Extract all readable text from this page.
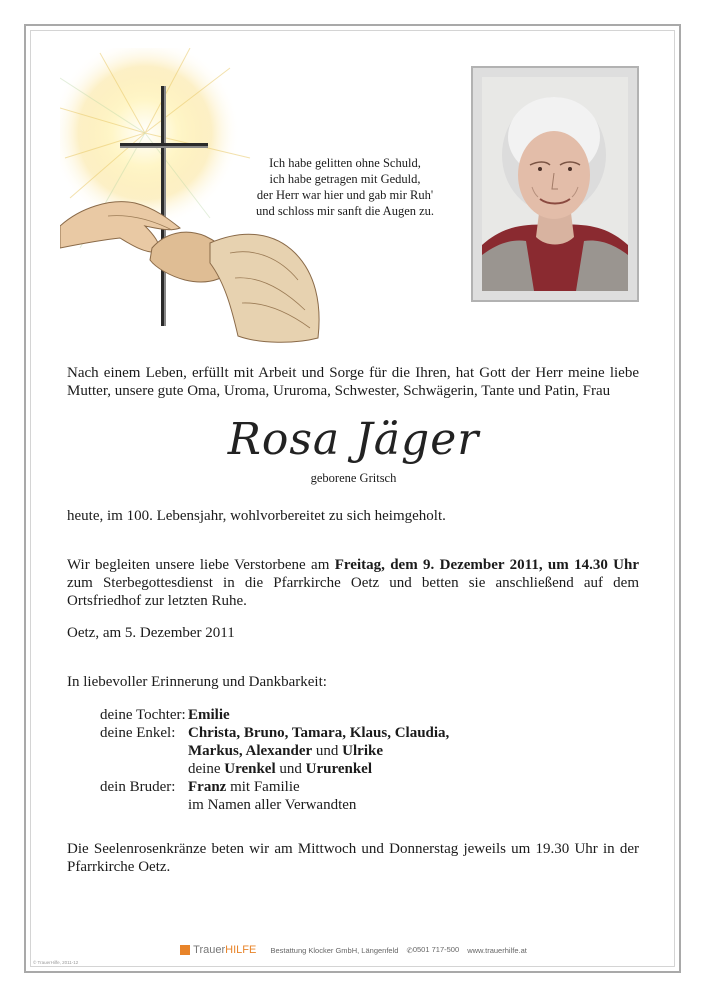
Ich habe gelitten ohne Schuld,
ich habe getragen mit Geduld,
der Herr war hier und gab mir Ruh'
und schloss mir sanft die Augen zu.

Nach einem Leben, erfüllt mit Arbeit und Sorge für die Ihren, hat Gott der Herr meine liebe Mutter, unsere gute Oma, Uroma, Ururoma, Schwester, Schwägerin, Tante und Patin, Frau

Rosa Jäger
geborene Gritsch

heute, im 100. Lebensjahr, wohlvorbereitet zu sich heimgeholt.

Wir begleiten unsere liebe Verstorbene am Freitag, dem 9. Dezember 2011, um 14.30 Uhr zum Sterbegottesdienst in die Pfarrkirche Oetz und betten sie anschließend auf dem Ortsfriedhof zur letzten Ruhe.

Oetz, am 5. Dezember 2011

In liebevoller Erinnerung und Dankbarkeit:

deine Tochter: Emilie
deine Enkel: Christa, Bruno, Tamara, Klaus, Claudia,
Markus, Alexander und Ulrike
deine Urenkel und Ururenkel
dein Bruder: Franz mit Familie
im Namen aller Verwandten

Die Seelenrosenkränze beten wir am Mittwoch und Donnerstag jeweils um 19.30 Uhr in der Pfarrkirche Oetz.

TrauerHILFE Bestattung Klocker GmbH, Längenfeld ✆0501 717-500 www.trauerhilfe.at
© TrauerHilfe, 2011-12
